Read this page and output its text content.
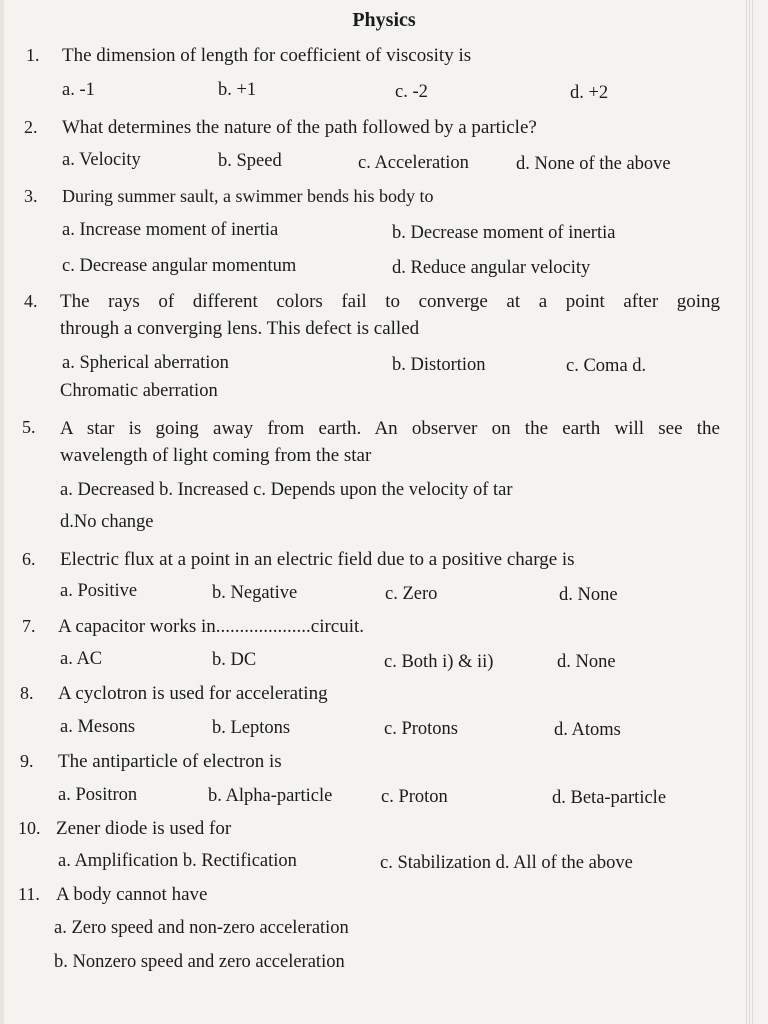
Physics
1. The dimension of length for coefficient of viscosity is
a. -1	b. +1	c. -2	d. +2
2. What determines the nature of the path followed by a particle?
a. Velocity	b. Speed	c. Acceleration	d. None of the above
3. During summer sault, a swimmer bends his body to
a. Increase moment of inertia	b. Decrease moment of inertia
c. Decrease angular momentum	d. Reduce angular velocity
4. The rays of different colors fail to converge at a point after going
through a converging lens. This defect is called
a. Spherical aberration	b. Distortion	c. Coma d.
Chromatic aberration
5. A star is going away from earth. An observer on the earth will see the
wavelength of light coming from the star
a. Decreased b. Increased c. Depends upon the velocity of tar
d.No change
6. Electric flux at a point in an electric field due to a positive charge is
a. Positive	b. Negative	c. Zero	d. None
7. A capacitor works in....................circuit.
a. AC	b. DC	c. Both i) & ii)	d. None
8. A cyclotron is used for accelerating
a. Mesons	b. Leptons	c. Protons	d. Atoms
9. The antiparticle of electron is
a. Positron	b. Alpha-particle	c. Proton	d. Beta-particle
10. Zener diode is used for
a. Amplification b. Rectification	c. Stabilization d. All of the above
11. A body cannot have
a. Zero speed and non-zero acceleration
b. Nonzero speed and zero acceleration
